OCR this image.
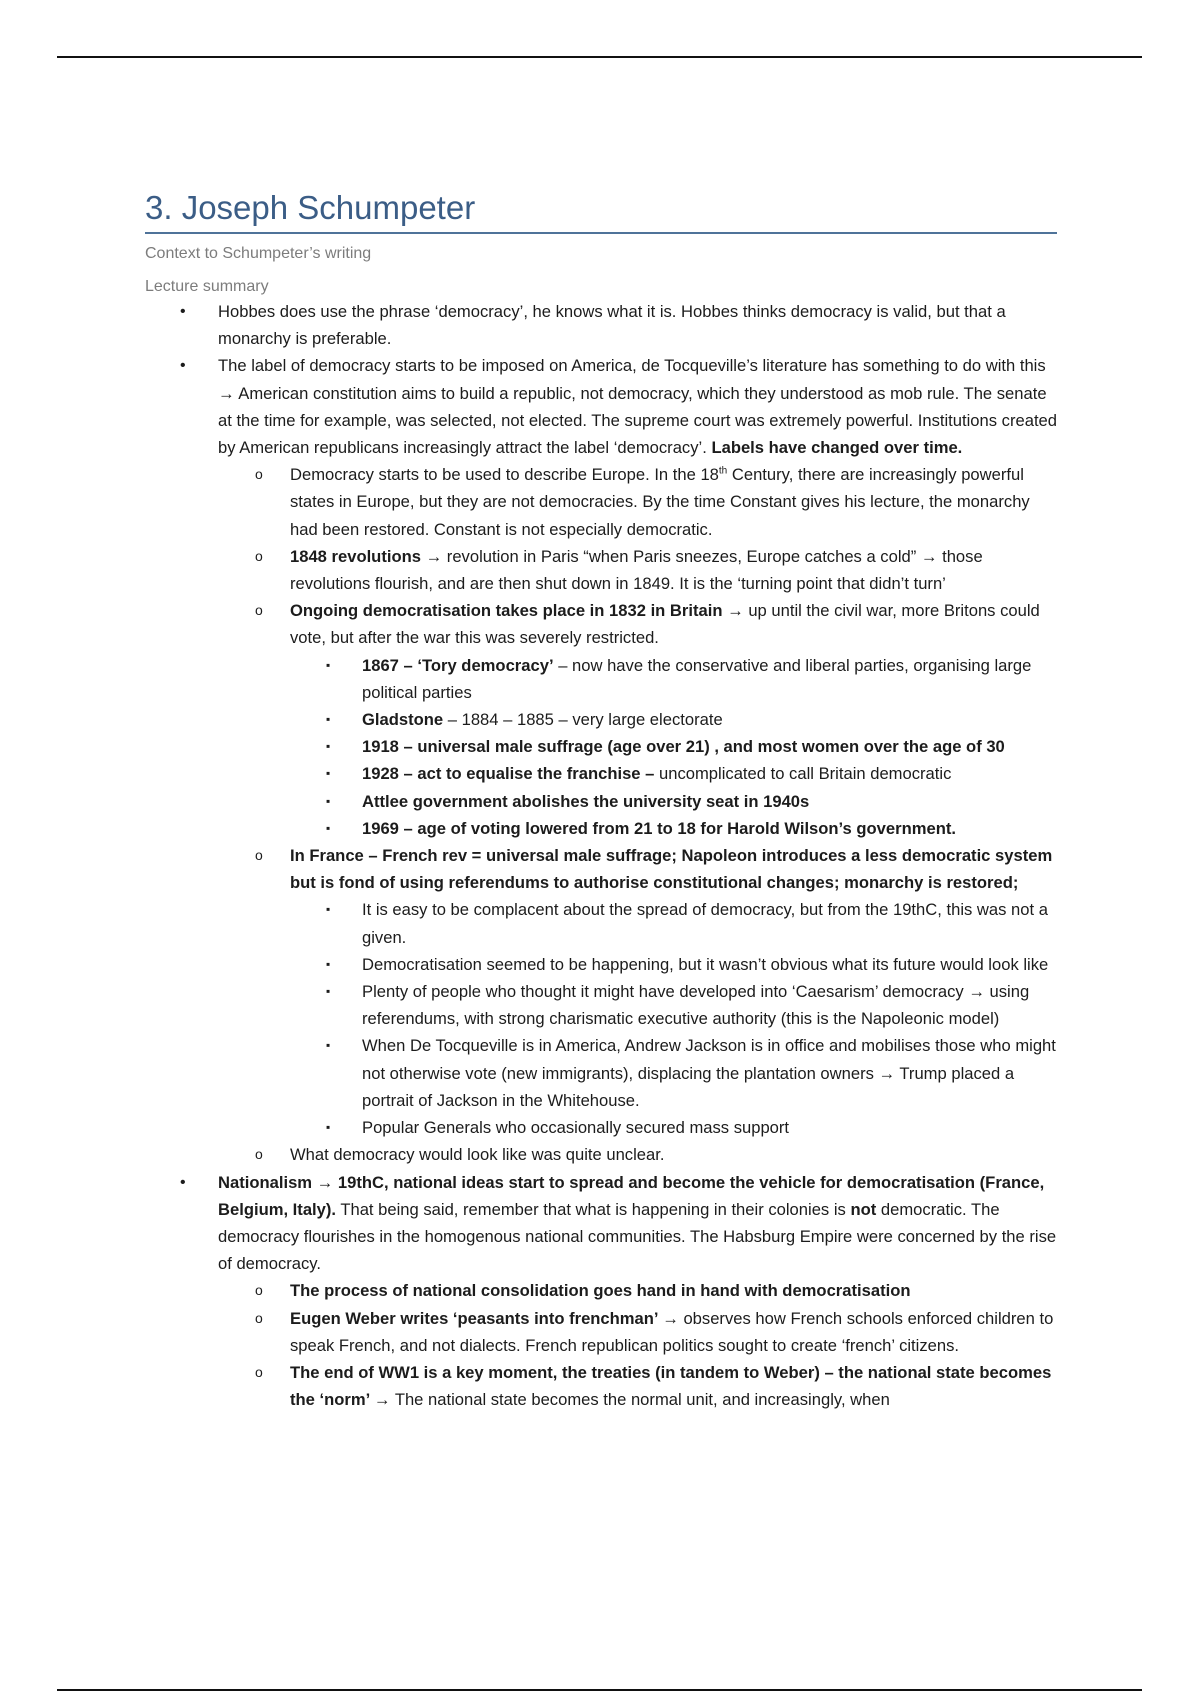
3. Joseph Schumpeter

Context to Schumpeter’s writing

Lecture summary

• Hobbes does use the phrase ‘democracy’, he knows what it is. Hobbes thinks democracy is valid, but that a monarchy is preferable.
• The label of democracy starts to be imposed on America, de Tocqueville’s literature has something to do with this → American constitution aims to build a republic, not democracy, which they understood as mob rule. The senate at the time for example, was selected, not elected. The supreme court was extremely powerful. Institutions created by American republicans increasingly attract the label ‘democracy’. Labels have changed over time.
o Democracy starts to be used to describe Europe. In the 18th Century, there are increasingly powerful states in Europe, but they are not democracies. By the time Constant gives his lecture, the monarchy had been restored. Constant is not especially democratic.
o 1848 revolutions → revolution in Paris “when Paris sneezes, Europe catches a cold” → those revolutions flourish, and are then shut down in 1849. It is the ‘turning point that didn’t turn’
o Ongoing democratisation takes place in 1832 in Britain → up until the civil war, more Britons could vote, but after the war this was severely restricted.
▪ 1867 – ‘Tory democracy’ – now have the conservative and liberal parties, organising large political parties
▪ Gladstone – 1884 – 1885 – very large electorate
▪ 1918 – universal male suffrage (age over 21) , and most women over the age of 30
▪ 1928 – act to equalise the franchise – uncomplicated to call Britain democratic
▪ Attlee government abolishes the university seat in 1940s
▪ 1969 – age of voting lowered from 21 to 18 for Harold Wilson’s government.
o In France – French rev = universal male suffrage; Napoleon introduces a less democratic system but is fond of using referendums to authorise constitutional changes; monarchy is restored;
▪ It is easy to be complacent about the spread of democracy, but from the 19thC, this was not a given.
▪ Democratisation seemed to be happening, but it wasn’t obvious what its future would look like
▪ Plenty of people who thought it might have developed into ‘Caesarism’ democracy → using referendums, with strong charismatic executive authority (this is the Napoleonic model)
▪ When De Tocqueville is in America, Andrew Jackson is in office and mobilises those who might not otherwise vote (new immigrants), displacing the plantation owners → Trump placed a portrait of Jackson in the Whitehouse.
▪ Popular Generals who occasionally secured mass support
o What democracy would look like was quite unclear.
• Nationalism → 19thC, national ideas start to spread and become the vehicle for democratisation (France, Belgium, Italy). That being said, remember that what is happening in their colonies is not democratic. The democracy flourishes in the homogenous national communities. The Habsburg Empire were concerned by the rise of democracy.
o The process of national consolidation goes hand in hand with democratisation
o Eugen Weber writes ‘peasants into frenchman’ → observes how French schools enforced children to speak French, and not dialects. French republican politics sought to create ‘french’ citizens.
o The end of WW1 is a key moment, the treaties (in tandem to Weber) – the national state becomes the ‘norm’ → The national state becomes the normal unit, and increasingly, when
